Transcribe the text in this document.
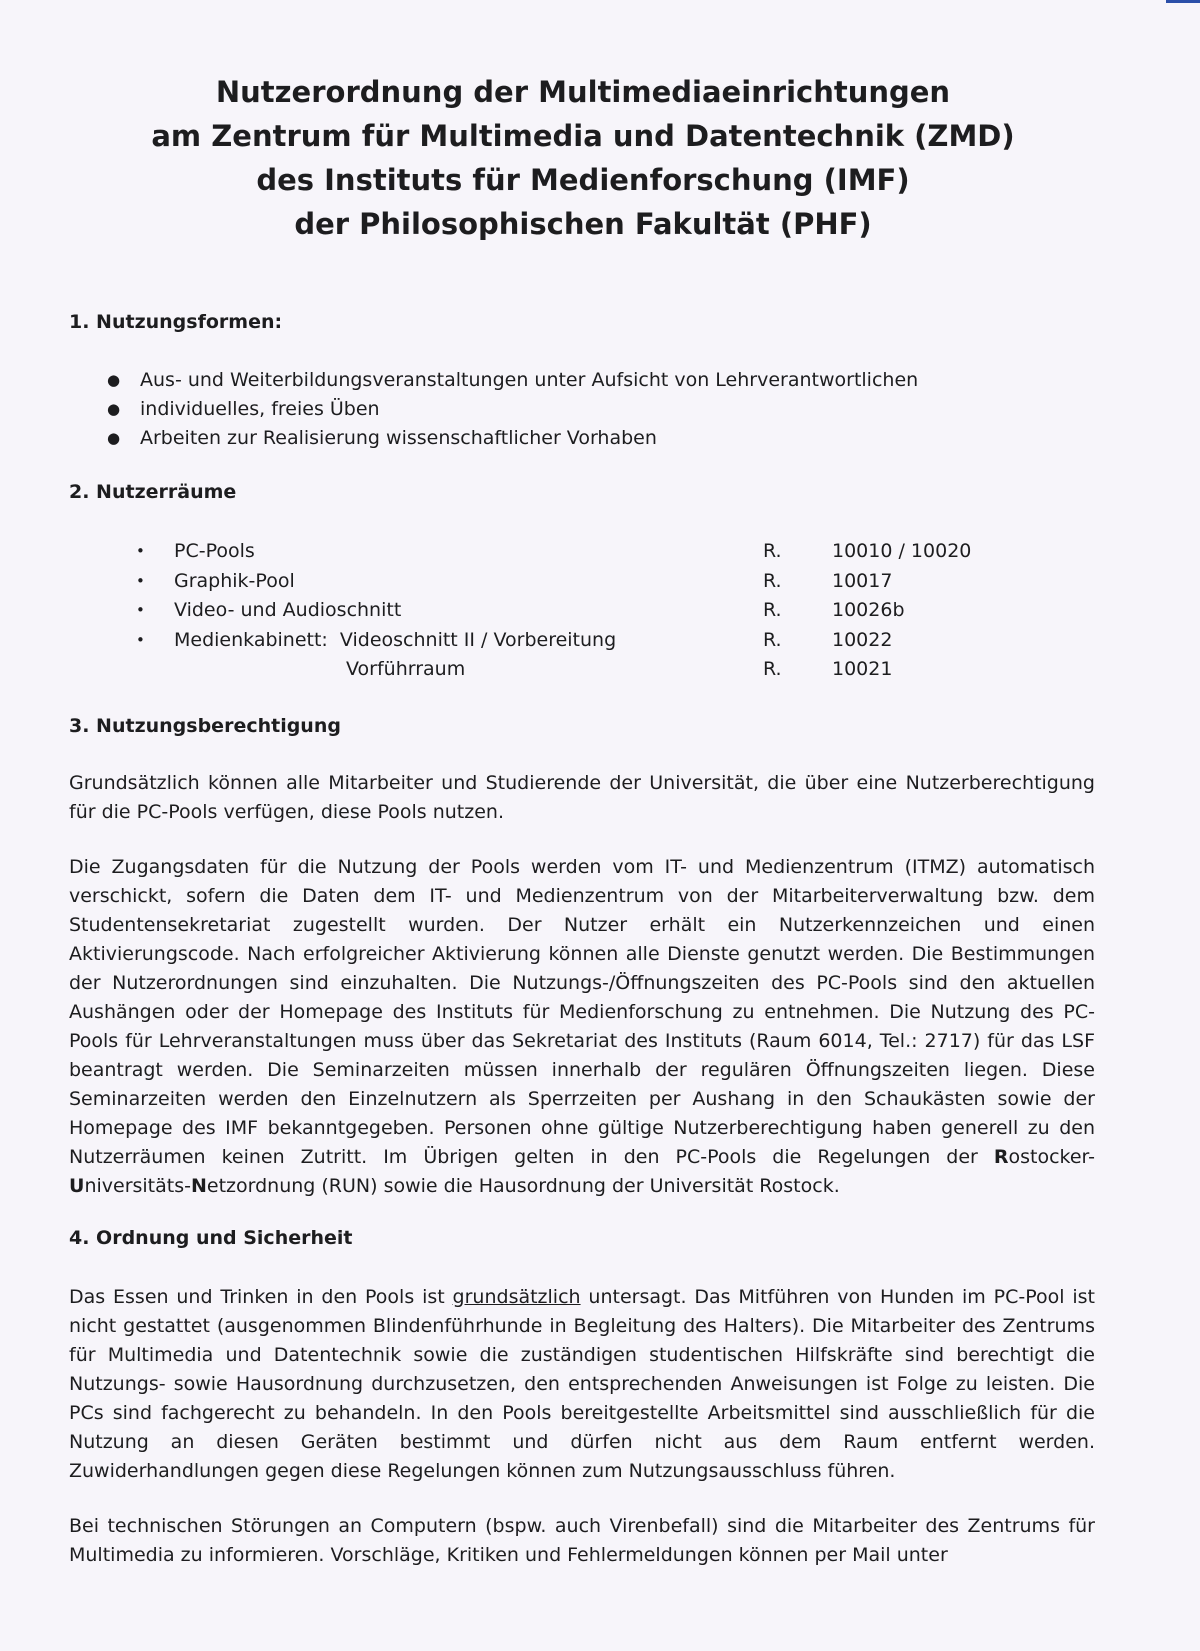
Nutzerordnung der Multimediaeinrichtungen
am Zentrum für Multimedia und Datentechnik (ZMD)
des Instituts für Medienforschung (IMF)
der Philosophischen Fakultät (PHF)

1. Nutzungsformen:

● Aus- und Weiterbildungsveranstaltungen unter Aufsicht von Lehrverantwortlichen
● individuelles, freies Üben
● Arbeiten zur Realisierung wissenschaftlicher Vorhaben

2. Nutzerräume

• PC-Pools	R.	10010 / 10020
• Graphik-Pool	R.	10017
• Video- und Audioschnitt	R.	10026b
• Medienkabinett:  Videoschnitt II / Vorbereitung	R.	10022
Vorführraum	R.	10021

3. Nutzungsberechtigung

Grundsätzlich können alle Mitarbeiter und Studierende der Universität, die über eine Nutzerberechtigung für die PC-Pools verfügen, diese Pools nutzen.

Die Zugangsdaten für die Nutzung der Pools werden vom IT- und Medienzentrum (ITMZ) automatisch verschickt, sofern die Daten dem IT- und Medienzentrum von der Mitarbeiterverwaltung bzw. dem Studentensekretariat zugestellt wurden. Der Nutzer erhält ein Nutzerkennzeichen und einen Aktivierungscode. Nach erfolgreicher Aktivierung können alle Dienste genutzt werden. Die Bestimmungen der Nutzerordnungen sind einzuhalten. Die Nutzungs-/Öffnungszeiten des PC-Pools sind den aktuellen Aushängen oder der Homepage des Instituts für Medienforschung zu entnehmen. Die Nutzung des PC-Pools für Lehrveranstaltungen muss über das Sekretariat des Instituts (Raum 6014, Tel.: 2717) für das LSF beantragt werden. Die Seminarzeiten müssen innerhalb der regulären Öffnungszeiten liegen. Diese Seminarzeiten werden den Einzelnutzern als Sperrzeiten per Aushang in den Schaukästen sowie der Homepage des IMF bekanntgegeben. Personen ohne gültige Nutzerberechtigung haben generell zu den Nutzerräumen keinen Zutritt. Im Übrigen gelten in den PC-Pools die Regelungen der Rostocker-Universitäts-Netzordnung (RUN) sowie die Hausordnung der Universität Rostock.

4. Ordnung und Sicherheit

Das Essen und Trinken in den Pools ist grundsätzlich untersagt. Das Mitführen von Hunden im PC-Pool ist nicht gestattet (ausgenommen Blindenführhunde in Begleitung des Halters). Die Mitarbeiter des Zentrums für Multimedia und Datentechnik sowie die zuständigen studentischen Hilfskräfte sind berechtigt die Nutzungs- sowie Hausordnung durchzusetzen, den entsprechenden Anweisungen ist Folge zu leisten. Die PCs sind fachgerecht zu behandeln. In den Pools bereitgestellte Arbeitsmittel sind ausschließlich für die Nutzung an diesen Geräten bestimmt und dürfen nicht aus dem Raum entfernt werden. Zuwiderhandlungen gegen diese Regelungen können zum Nutzungsausschluss führen.

Bei technischen Störungen an Computern (bspw. auch Virenbefall) sind die Mitarbeiter des Zentrums für Multimedia zu informieren. Vorschläge, Kritiken und Fehlermeldungen können per Mail unter
